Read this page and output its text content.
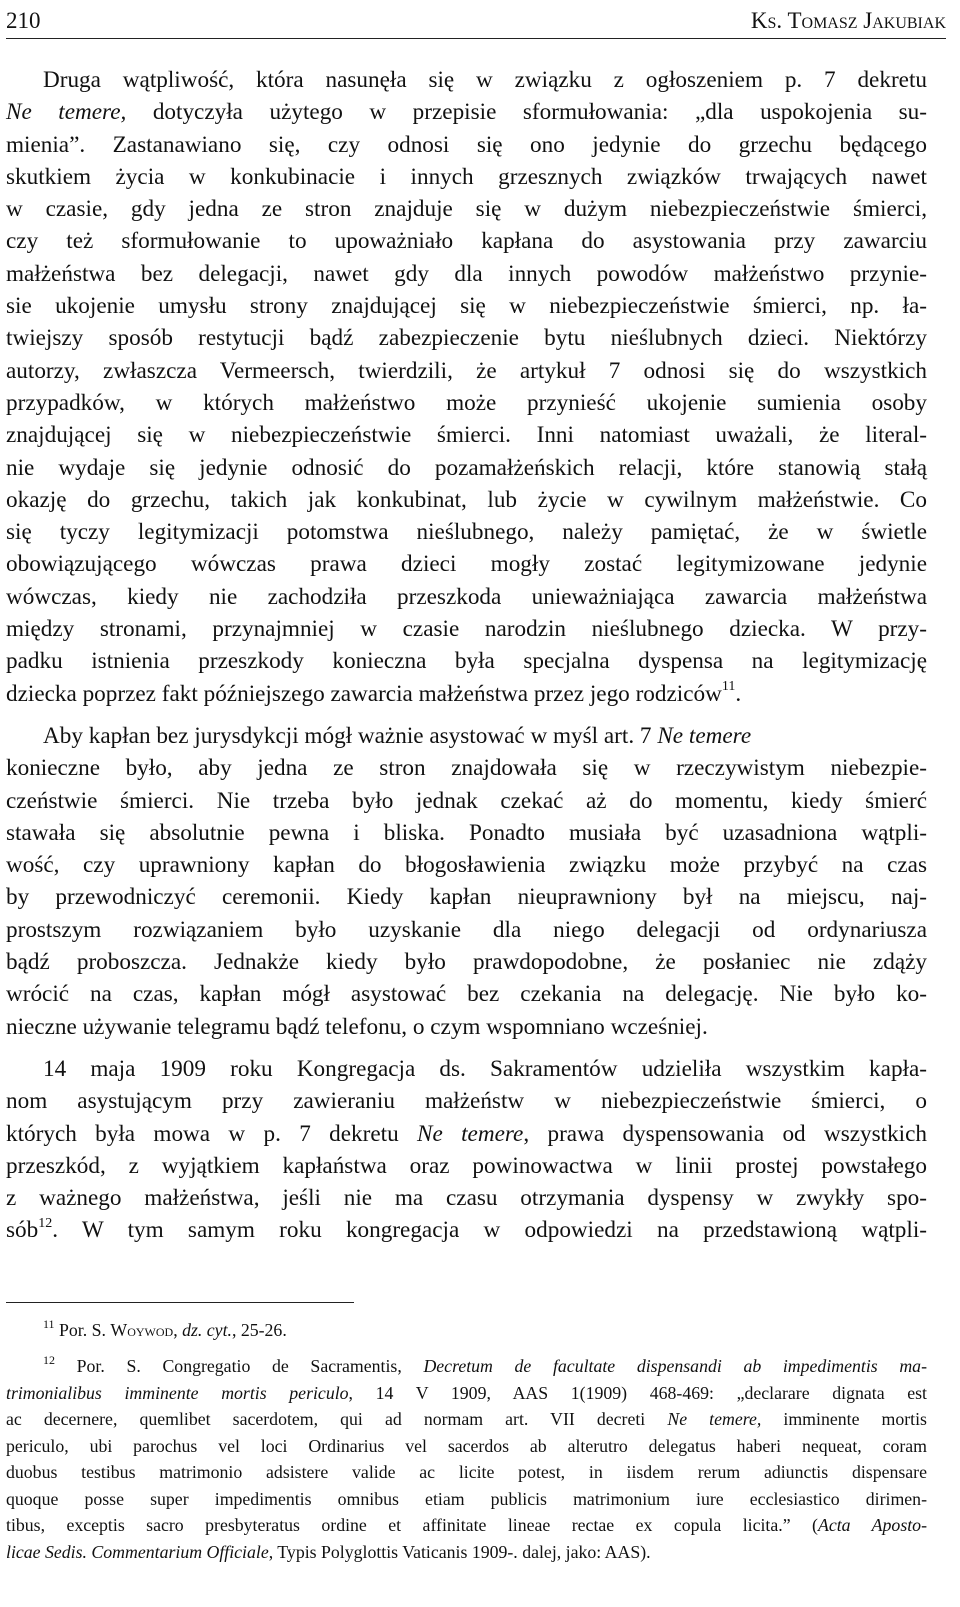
210	Ks. Tomasz Jakubiak
Druga wątpliwość, która nasunęła się w związku z ogłoszeniem p. 7 dekretu
Ne temere, dotyczyła użytego w przepisie sformułowania: „dla uspokojenia su-
mienia”. Zastanawiano się, czy odnosi się ono jedynie do grzechu będącego
skutkiem życia w konkubinacie i innych grzesznych związków trwających nawet
w czasie, gdy jedna ze stron znajduje się w dużym niebezpieczeństwie śmierci,
czy też sformułowanie to upoważniało kapłana do asystowania przy zawarciu
małżeństwa bez delegacji, nawet gdy dla innych powodów małżeństwo przynie-
sie ukojenie umysłu strony znajdującej się w niebezpieczeństwie śmierci, np. ła-
twiejszy sposób restytucji bądź zabezpieczenie bytu nieślubnych dzieci. Niektórzy
autorzy, zwłaszcza Vermeersch, twierdzili, że artykuł 7 odnosi się do wszystkich
przypadków, w których małżeństwo może przynieść ukojenie sumienia osoby
znajdującej się w niebezpieczeństwie śmierci. Inni natomiast uważali, że literal-
nie wydaje się jedynie odnosić do pozamałżeńskich relacji, które stanowią stałą
okazję do grzechu, takich jak konkubinat, lub życie w cywilnym małżeństwie. Co
się tyczy legitymizacji potomstwa nieślubnego, należy pamiętać, że w świetle
obowiązującego wówczas prawa dzieci mogły zostać legitymizowane jedynie
wówczas, kiedy nie zachodziła przeszkoda unieważniająca zawarcia małżeństwa
między stronami, przynajmniej w czasie narodzin nieślubnego dziecka. W przy-
padku istnienia przeszkody konieczna była specjalna dyspensa na legitymizację
dziecka poprzez fakt późniejszego zawarcia małżeństwa przez jego rodziców$^{11}$.
Aby kapłan bez jurysdykcji mógł ważnie asystować w myśl art. 7 Ne temere
konieczne było, aby jedna ze stron znajdowała się w rzeczywistym niebezpie-
czeństwie śmierci. Nie trzeba było jednak czekać aż do momentu, kiedy śmierć
stawała się absolutnie pewna i bliska. Ponadto musiała być uzasadniona wątpli-
wość, czy uprawniony kapłan do błogosławienia związku może przybyć na czas
by przewodniczyć ceremonii. Kiedy kapłan nieuprawniony był na miejscu, naj-
prostszym rozwiązaniem było uzyskanie dla niego delegacji od ordynariusza
bądź proboszcza. Jednakże kiedy było prawdopodobne, że posłaniec nie zdąży
wrócić na czas, kapłan mógł asystować bez czekania na delegację. Nie było ko-
nieczne używanie telegramu bądź telefonu, o czym wspomniano wcześniej.
14 maja 1909 roku Kongregacja ds. Sakramentów udzieliła wszystkim kapła-
nom asystującym przy zawieraniu małżeństw w niebezpieczeństwie śmierci, o
których była mowa w p. 7 dekretu Ne temere, prawa dyspensowania od wszystkich
przeszkód, z wyjątkiem kapłaństwa oraz powinowactwa w linii prostej powstałego
z ważnego małżeństwa, jeśli nie ma czasu otrzymania dyspensy w zwykły spo-
sób$^{12}$. W tym samym roku kongregacja w odpowiedzi na przedstawioną wątpli-
$^{11}$ Por. S. Woywod, dz. cyt., 25-26.
$^{12}$ Por. S. Congregatio de Sacramentis, Decretum de facultate dispensandi ab impedimentis ma-
trimonialibus imminente mortis periculo, 14 V 1909, AAS 1(1909) 468-469: „declarare dignata est
ac decernere, quemlibet sacerdotem, qui ad normam art. VII decreti Ne temere, imminente mortis
periculo, ubi parochus vel loci Ordinarius vel sacerdos ab alterutro delegatus haberi nequeat, coram
duobus testibus matrimonio adsistere valide ac licite potest, in iisdem rerum adiunctis dispensare
quoque posse super impedimentis omnibus etiam publicis matrimonium iure ecclesiastico dirimen-
tibus, exceptis sacro presbyteratus ordine et affinitate lineae rectae ex copula licita.” (Acta Aposto-
licae Sedis. Commentarium Officiale, Typis Polyglottis Vaticanis 1909-. dalej, jako: AAS).
